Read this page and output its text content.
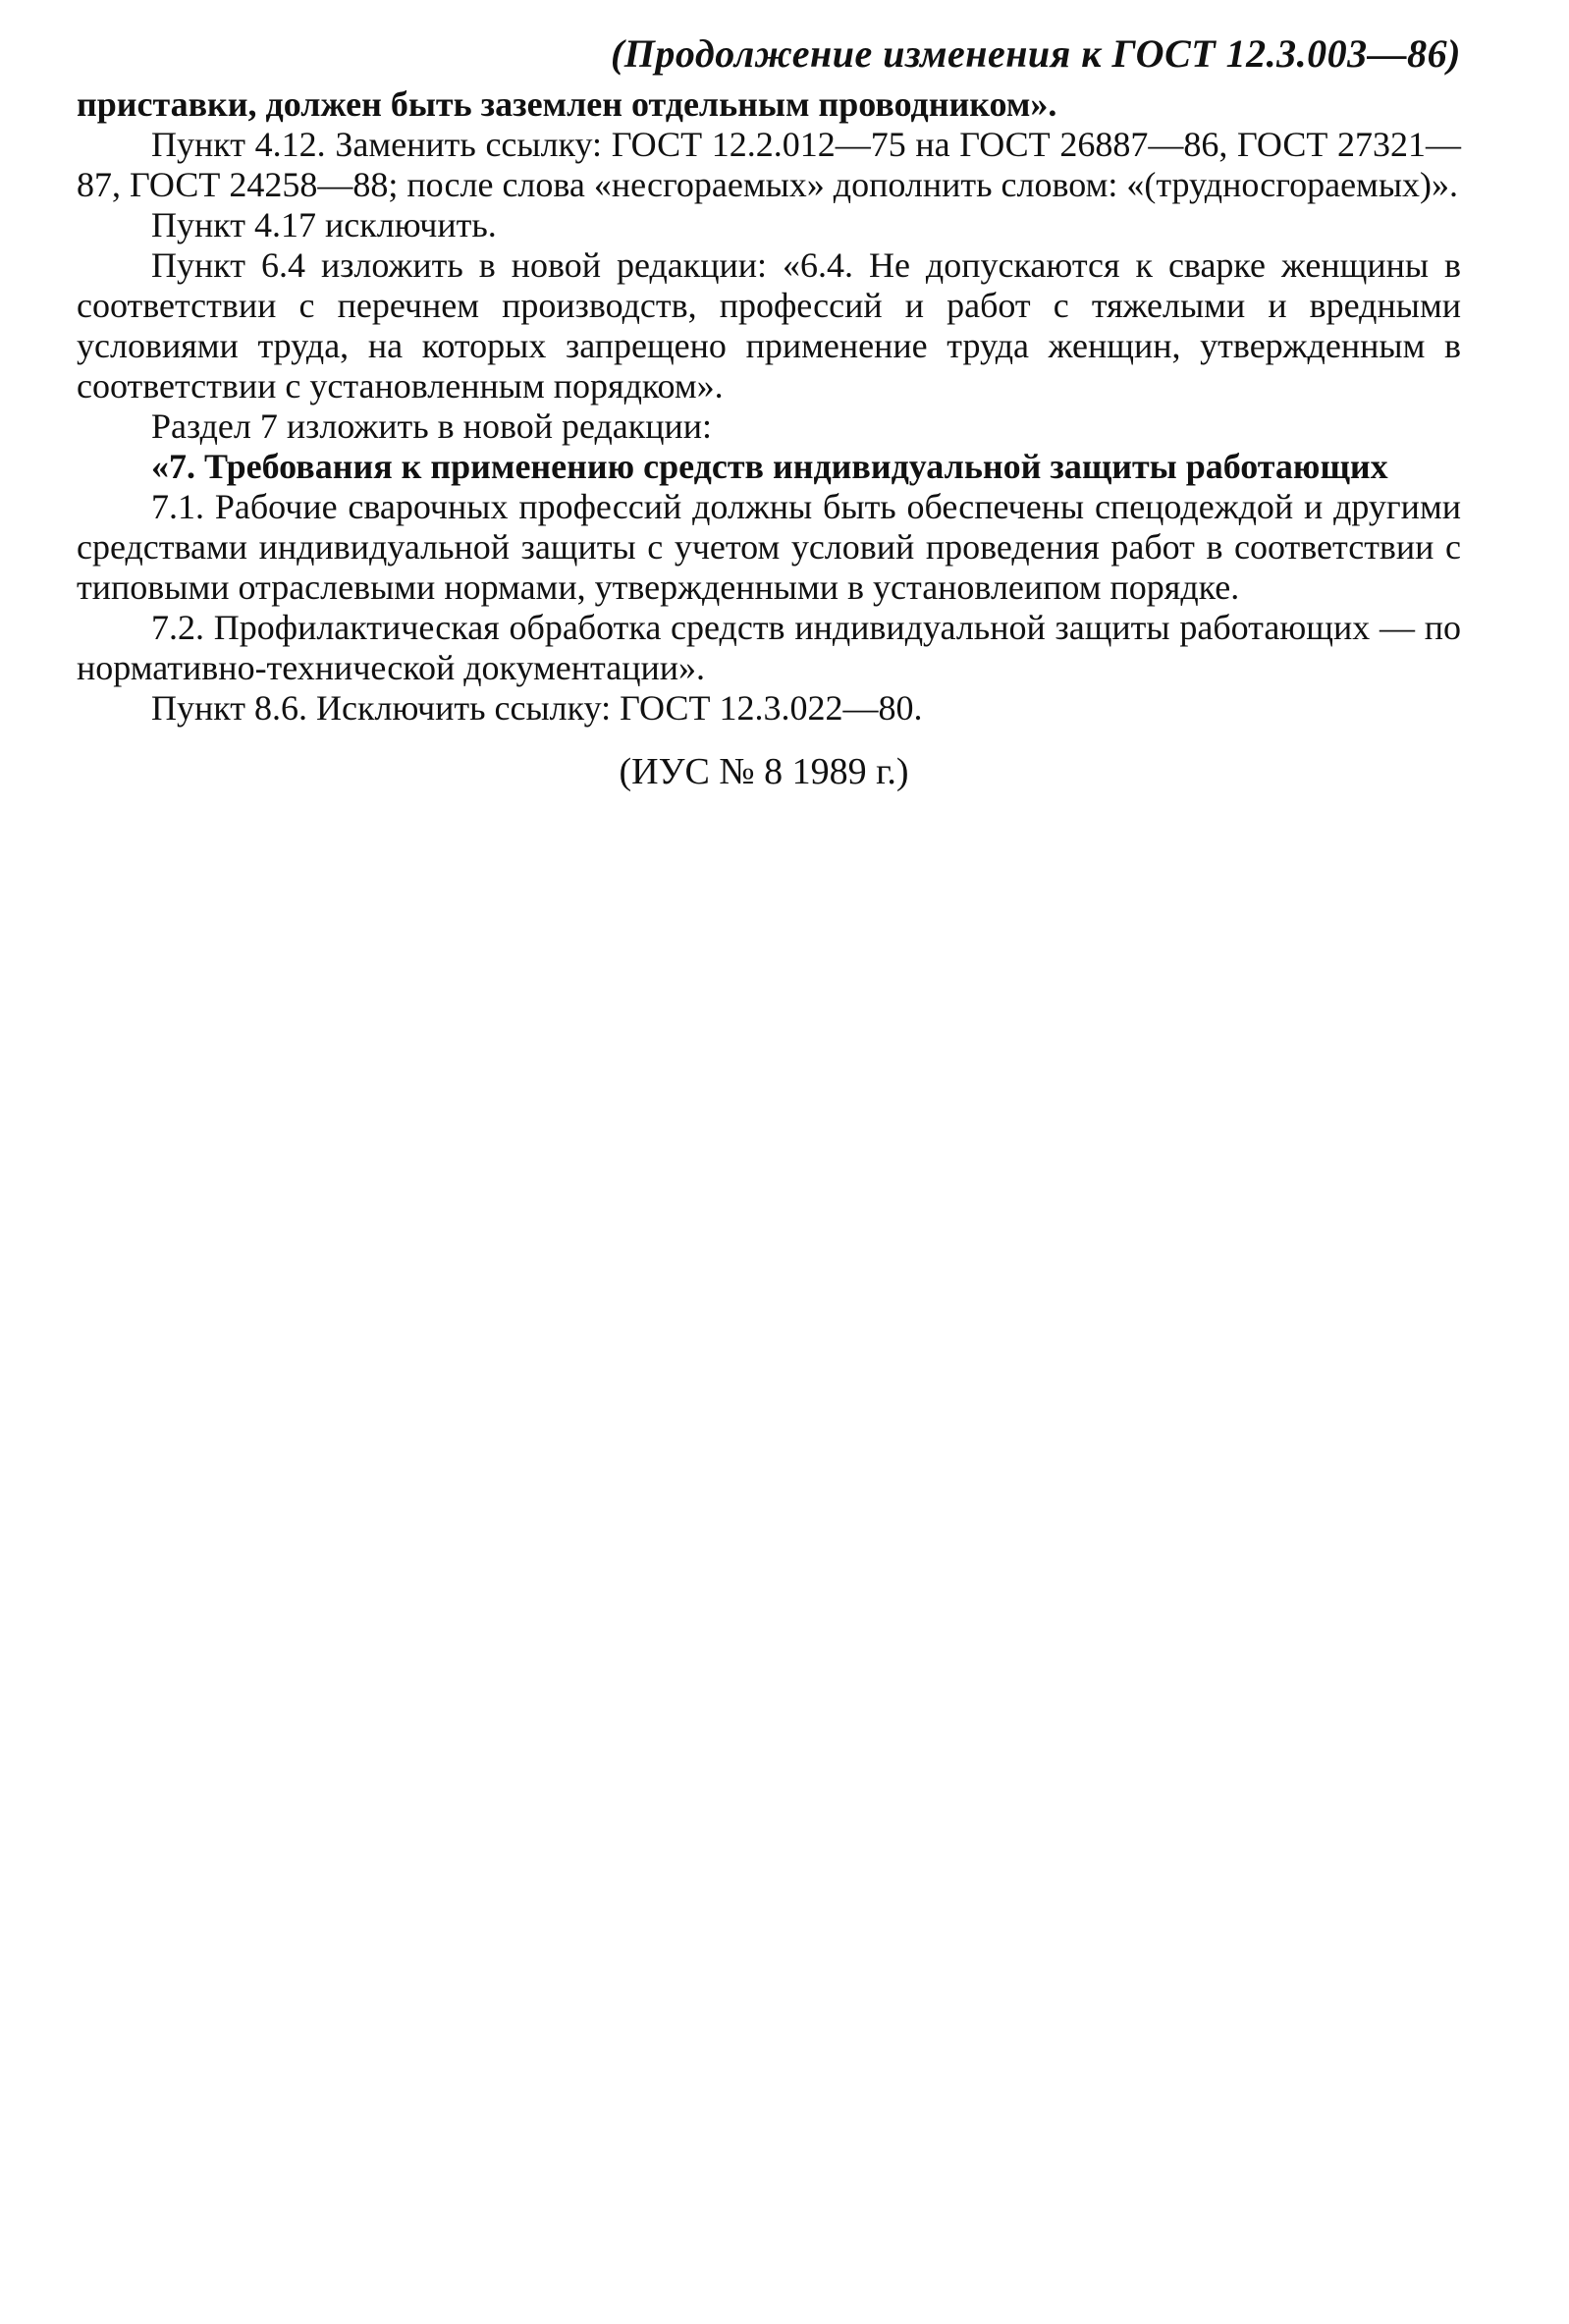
(Продолжение изменения к ГОСТ 12.3.003—86)

приставки, должен быть заземлен отдельным проводником».

Пункт 4.12. Заменить ссылку: ГОСТ 12.2.012—75 на ГОСТ 26887—86, ГОСТ 27321—87, ГОСТ 24258—88; после слова «несгораемых» дополнить словом: «(трудносгораемых)».

Пункт 4.17 исключить.

Пункт 6.4 изложить в новой редакции: «6.4. Не допускаются к сварке женщины в соответствии с перечнем производств, профессий и работ с тяжелыми и вредными условиями труда, на которых запрещено применение труда женщин, утвержденным в соответствии с установленным порядком».

Раздел 7 изложить в новой редакции:

«7. Требования к применению средств индивидуальной защиты работающих

7.1. Рабочие сварочных профессий должны быть обеспечены спецодеждой и другими средствами индивидуальной защиты с учетом условий проведения работ в соответствии с типовыми отраслевыми нормами, утвержденными в установлеипом порядке.

7.2. Профилактическая обработка средств индивидуальной защиты работающих — по нормативно-технической документации».

Пункт 8.6. Исключить ссылку: ГОСТ 12.3.022—80.

(ИУС № 8 1989 г.)
